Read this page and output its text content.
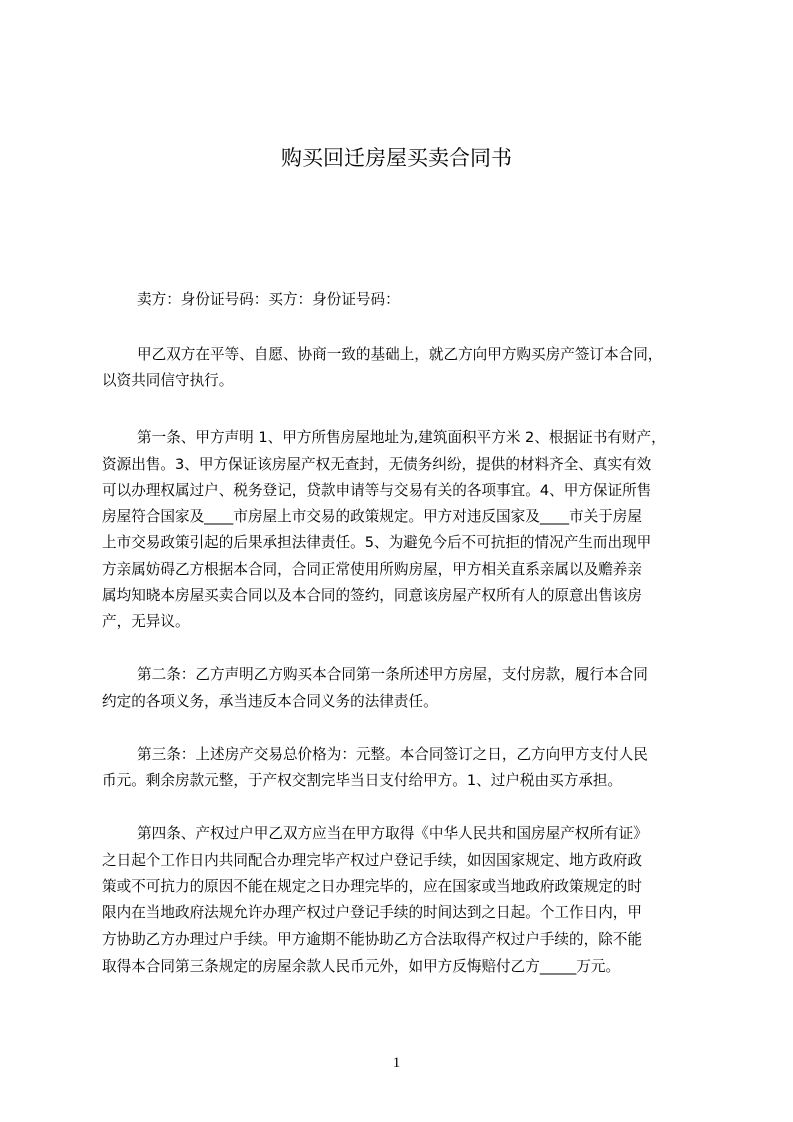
购买回迁房屋买卖合同书
卖方：身份证号码：买方：身份证号码：
甲乙双方在平等、自愿、协商一致的基础上，就乙方向甲方购买房产签订本合同，
以资共同信守执行。
第一条、甲方声明 1、甲方所售房屋地址为,建筑面积平方米 2、根据证书有财产，
资源出售。3、甲方保证该房屋产权无查封，无债务纠纷，提供的材料齐全、真实有效
可以办理权属过户、税务登记，贷款申请等与交易有关的各项事宜。4、甲方保证所售
房屋符合国家及____市房屋上市交易的政策规定。甲方对违反国家及____市关于房屋
上市交易政策引起的后果承担法律责任。5、为避免今后不可抗拒的情况产生而出现甲
方亲属妨碍乙方根据本合同，合同正常使用所购房屋，甲方相关直系亲属以及赡养亲
属均知晓本房屋买卖合同以及本合同的签约，同意该房屋产权所有人的原意出售该房
产，无异议。
第二条：乙方声明乙方购买本合同第一条所述甲方房屋，支付房款，履行本合同
约定的各项义务，承当违反本合同义务的法律责任。
第三条：上述房产交易总价格为：元整。本合同签订之日，乙方向甲方支付人民
币元。剩余房款元整，于产权交割完毕当日支付给甲方。1、过户税由买方承担。
第四条、产权过户甲乙双方应当在甲方取得《中华人民共和国房屋产权所有证》
之日起个工作日内共同配合办理完毕产权过户登记手续，如因国家规定、地方政府政
策或不可抗力的原因不能在规定之日办理完毕的，应在国家或当地政府政策规定的时
限内在当地政府法规允许办理产权过户登记手续的时间达到之日起。个工作日内，甲
方协助乙方办理过户手续。甲方逾期不能协助乙方合法取得产权过户手续的，除不能
取得本合同第三条规定的房屋余款人民币元外，如甲方反悔赔付乙方_____万元。
1
